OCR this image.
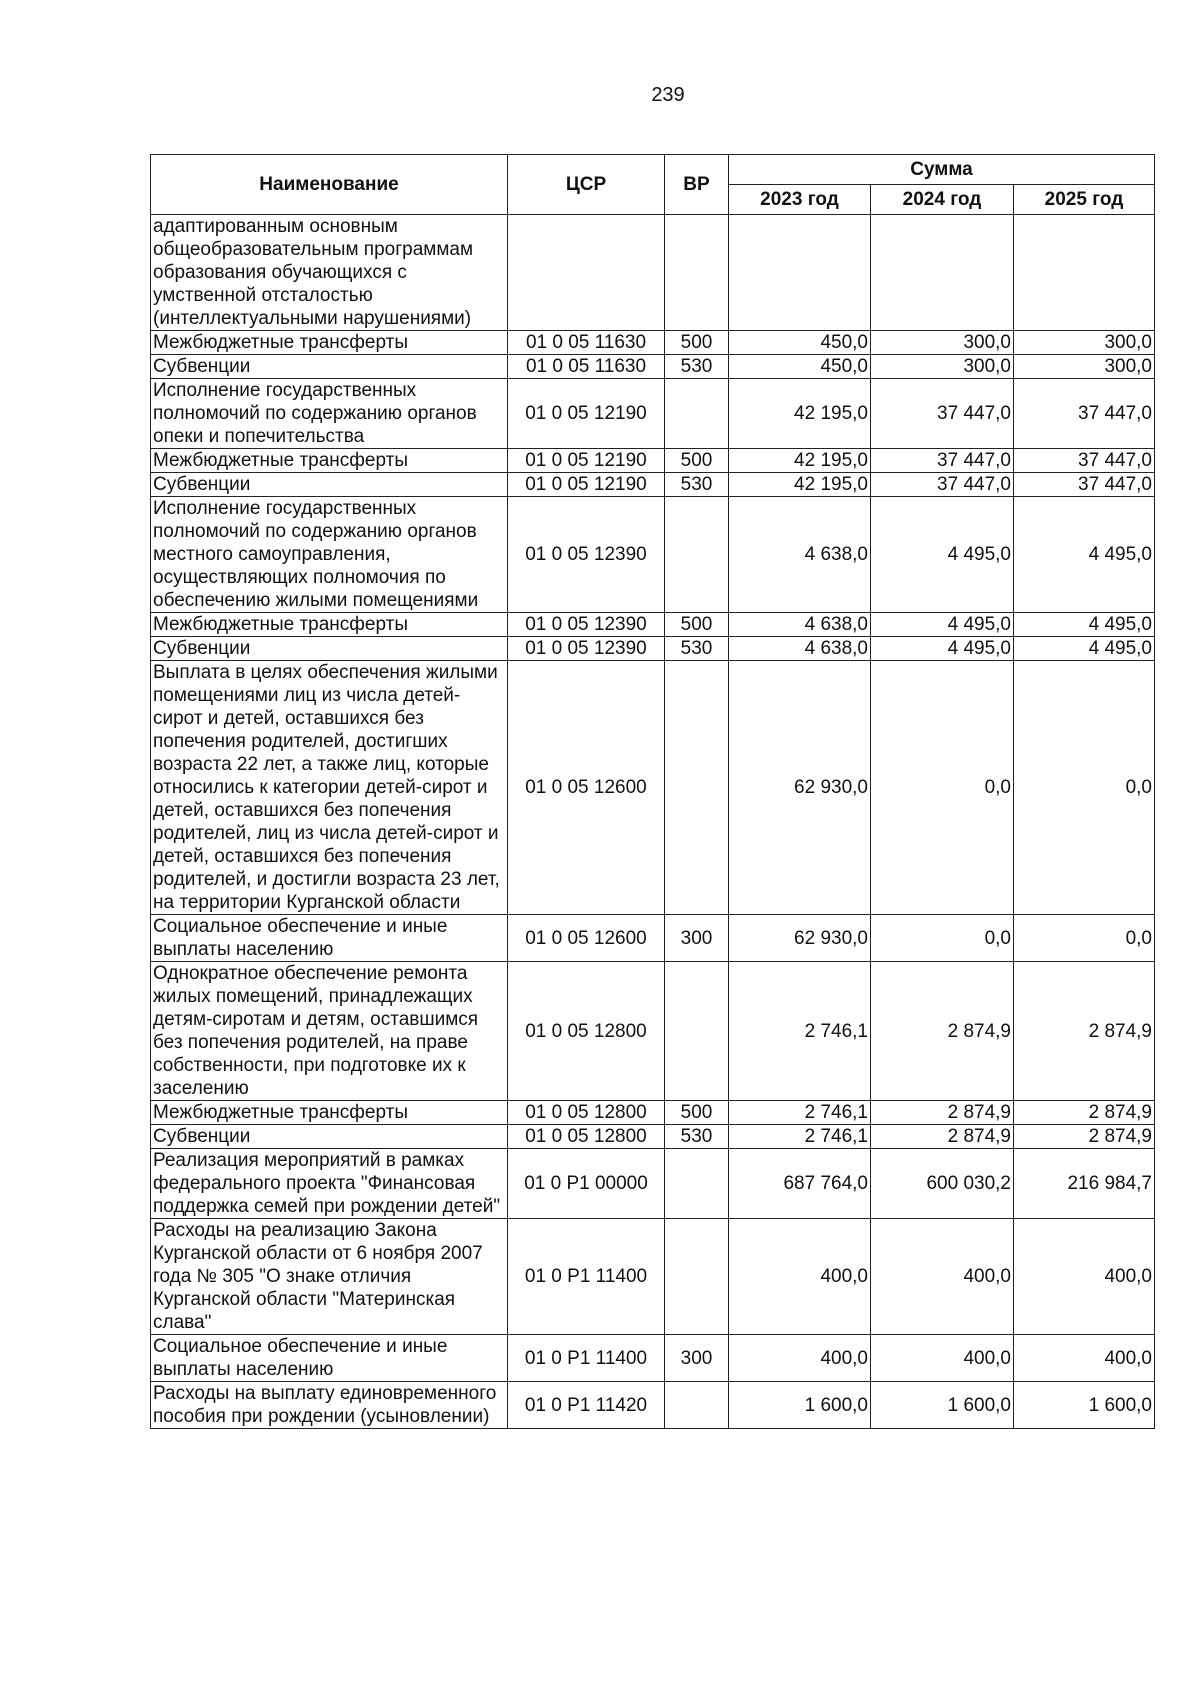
239
Наименование	ЦСР	ВР	Сумма		
			2023 год	2024 год	2025 год
адаптированным основным общеобразовательным программам образования обучающихся с умственной отсталостью (интеллектуальными нарушениями)					
Межбюджетные трансферты	01 0 05 11630	500	450,0	300,0	300,0
Субвенции	01 0 05 11630	530	450,0	300,0	300,0
Исполнение государственных полномочий по содержанию органов опеки и попечительства	01 0 05 12190		42 195,0	37 447,0	37 447,0
Межбюджетные трансферты	01 0 05 12190	500	42 195,0	37 447,0	37 447,0
Субвенции	01 0 05 12190	530	42 195,0	37 447,0	37 447,0
Исполнение государственных полномочий по содержанию органов местного самоуправления, осуществляющих полномочия по обеспечению жилыми помещениями	01 0 05 12390		4 638,0	4 495,0	4 495,0
Межбюджетные трансферты	01 0 05 12390	500	4 638,0	4 495,0	4 495,0
Субвенции	01 0 05 12390	530	4 638,0	4 495,0	4 495,0
Выплата в целях обеспечения жилыми помещениями лиц из числа детей-сирот и детей, оставшихся без попечения родителей, достигших возраста 22 лет, а также лиц, которые относились к категории детей-сирот и детей, оставшихся без попечения родителей, лиц из числа детей-сирот и детей, оставшихся без попечения родителей, и достигли возраста 23 лет, на территории Курганской области	01 0 05 12600		62 930,0	0,0	0,0
Социальное обеспечение и иные выплаты населению	01 0 05 12600	300	62 930,0	0,0	0,0
Однократное обеспечение ремонта жилых помещений, принадлежащих детям-сиротам и детям, оставшимся без попечения родителей, на праве собственности, при подготовке их к заселению	01 0 05 12800		2 746,1	2 874,9	2 874,9
Межбюджетные трансферты	01 0 05 12800	500	2 746,1	2 874,9	2 874,9
Субвенции	01 0 05 12800	530	2 746,1	2 874,9	2 874,9
Реализация мероприятий в рамках федерального проекта "Финансовая поддержка семей при рождении детей"	01 0 Р1 00000		687 764,0	600 030,2	216 984,7
Расходы на реализацию Закона Курганской области от 6 ноября 2007 года № 305 "О знаке отличия Курганской области "Материнская слава"	01 0 Р1 11400		400,0	400,0	400,0
Социальное обеспечение и иные выплаты населению	01 0 Р1 11400	300	400,0	400,0	400,0
Расходы на выплату единовременного пособия при рождении (усыновлении)	01 0 Р1 11420		1 600,0	1 600,0	1 600,0
